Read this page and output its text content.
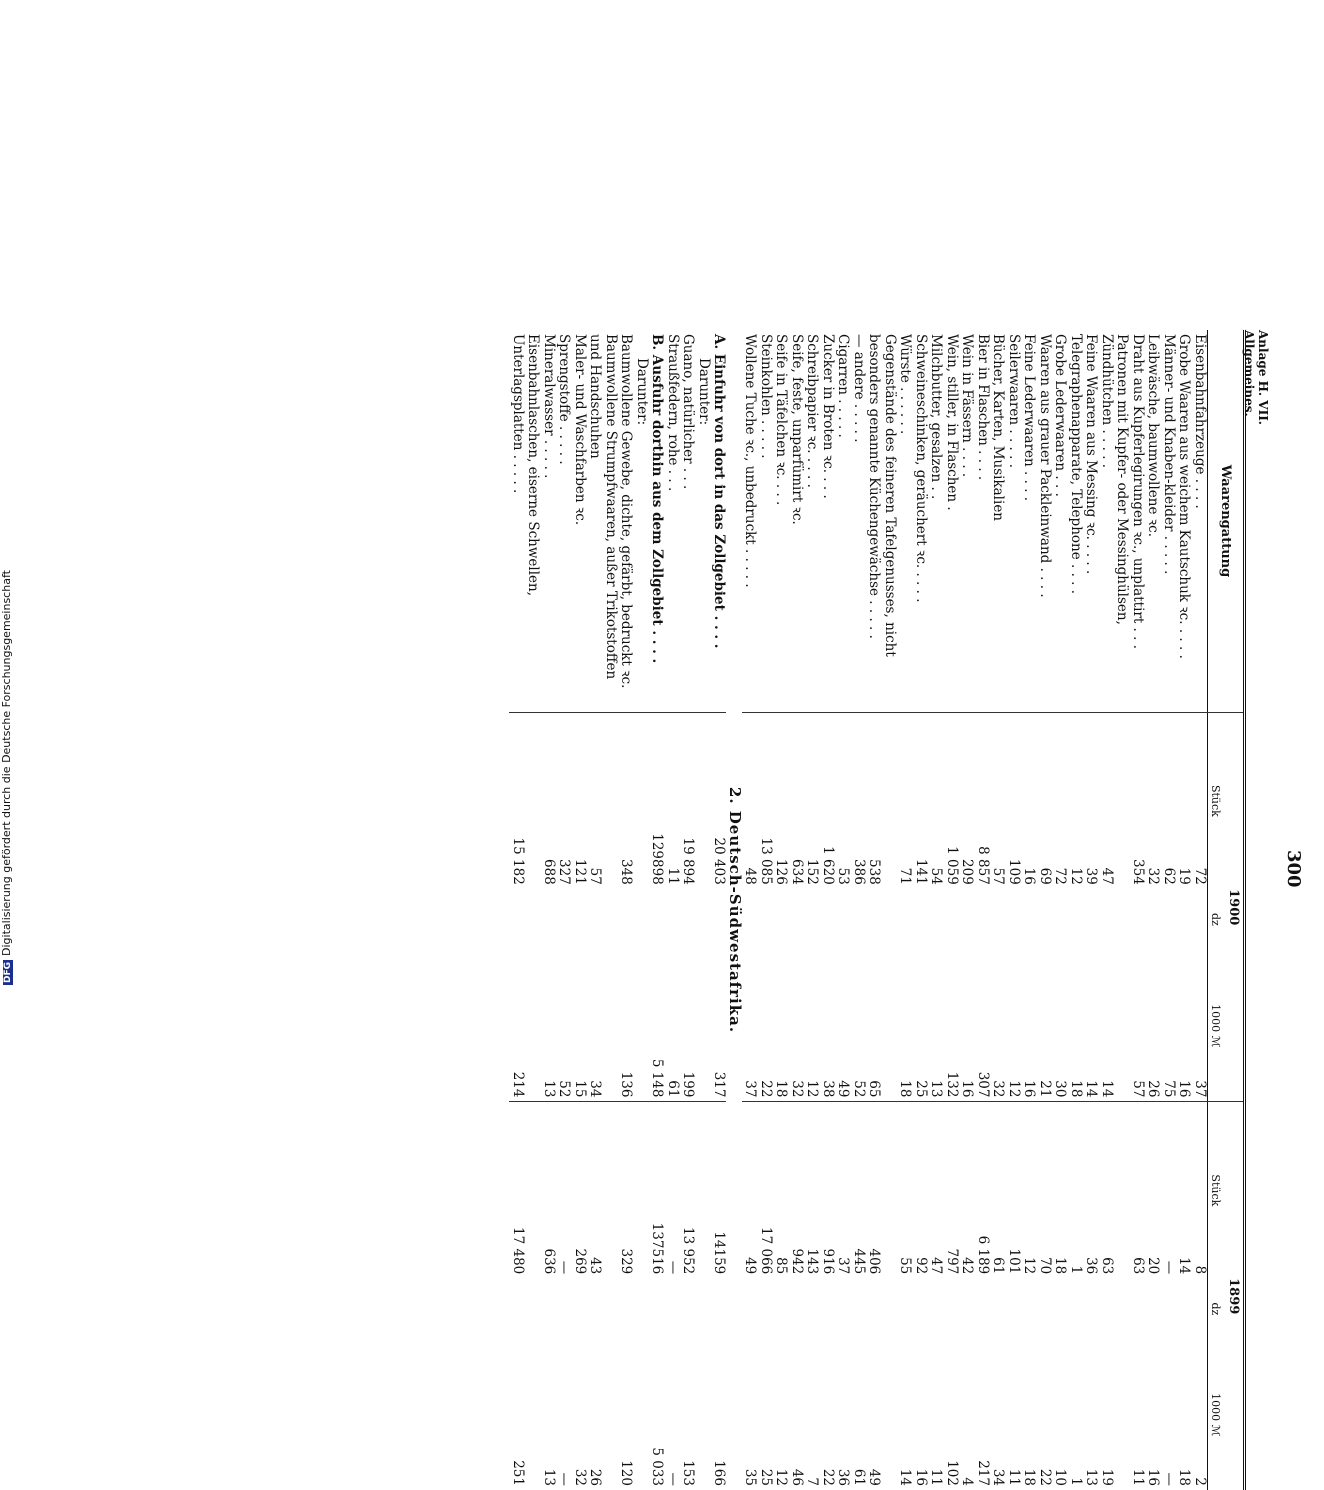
Anlage H. VII.
Allgemeines.
300
Waarengattung	1900			1899		
	Stück	dz	1000 ℳ	Stück	dz	1000 ℳ

Eisenbahnfahrzeuge . . . .	72		37	8		2
Grobe Waaren aus weichem Kautschuk ꝛc. . . . .	19		16	14		18
Männer- und Knaben-kleider . . . . .	62		75	—		—
Leibwäsche, baumwollene ꝛc.	32		26	20		16
Draht aus Kupferlegirungen ꝛc., unplattirt . . .	354		57	63		11
Patronen mit Kupfer- oder Messinghülsen, Zündhütchen . . . . .	47		14	63		19
Feine Waaren aus Messing ꝛc. . . . .	39		14	36		13
Telegraphenapparate, Telephone . . . .	12		18	1		1
Grobe Lederwaaren . . .	72		30	18		10
Waaren aus grauer Packleinwand . . . .	69		21	70		22
Feine Lederwaaren . . . .	16		16	12		18
Seilerwaaren . . . . .	109		12	101		11
Bücher, Karten, Musikalien	57		32	61		34
Bier in Flaschen . . . .	8 857		307	6 189		217
Wein in Fässern . . . .	209		16	42		4
Wein, stiller, in Flaschen .	1 059		132	797		102
Milchbutter, gesalzen . .	54		13	47		11
Schweineschinken, geräuchert ꝛc. . . . .	141		25	92		16
Würste . . . . . .	71		18	55		14
Gegenstände des feineren Tafelgenusses, nicht besonders genannte Küchengewächse . . . . .	538		65	406		49
— andere . . . . .	386		52	445		61
Cigarren . . . . .	53		49	37		36
Zucker in Broten ꝛc. . . .	1 620		38	916		22
Schreibpapier ꝛc. . . . .	152		12	143		7
Seife, feste, unparfümirt ꝛc.	634		32	942		46
Seife in Täfelchen ꝛc. . . .	126		18	85		12
Steinkohlen . . . . .	13 085		22	17 066		25
Wollene Tuche ꝛc., unbedruckt . . . . .	48		37	49		35
2. Deutsch-Südwestafrika.						
A. Einfuhr von dort in das Zollgebiet . . . .	20 403		317	14159		166
Darunter:						
Guano, natürlicher . . .	19 894		199	13 952		153
Straußfedern, rohe . . .	11		61	—		—
B. Ausfuhr dorthin aus dem Zollgebiet . . . .	129898		5 148	137516		5 033
Darunter:						
Baumwollene Gewebe, dichte, gefärbt, bedruckt ꝛc.	348		136	329		120
Baumwollene Strumpfwaaren, außer Trikotstoffen und Handschuhen	57		34	43		26
Maler- und Waschfarben ꝛc.	121		15	269		32
Sprengstoffe . . . . .	327		52	—		—
Mineralwasser . . . . .	688		13	636		13
Eisenbahnlaschen, eiserne Schwellen, Unterlagsplatten . . . . .	15 182		214	17 480		251
DFGDigitalisierung gefördert durch die Deutsche Forschungsgemeinschaft
